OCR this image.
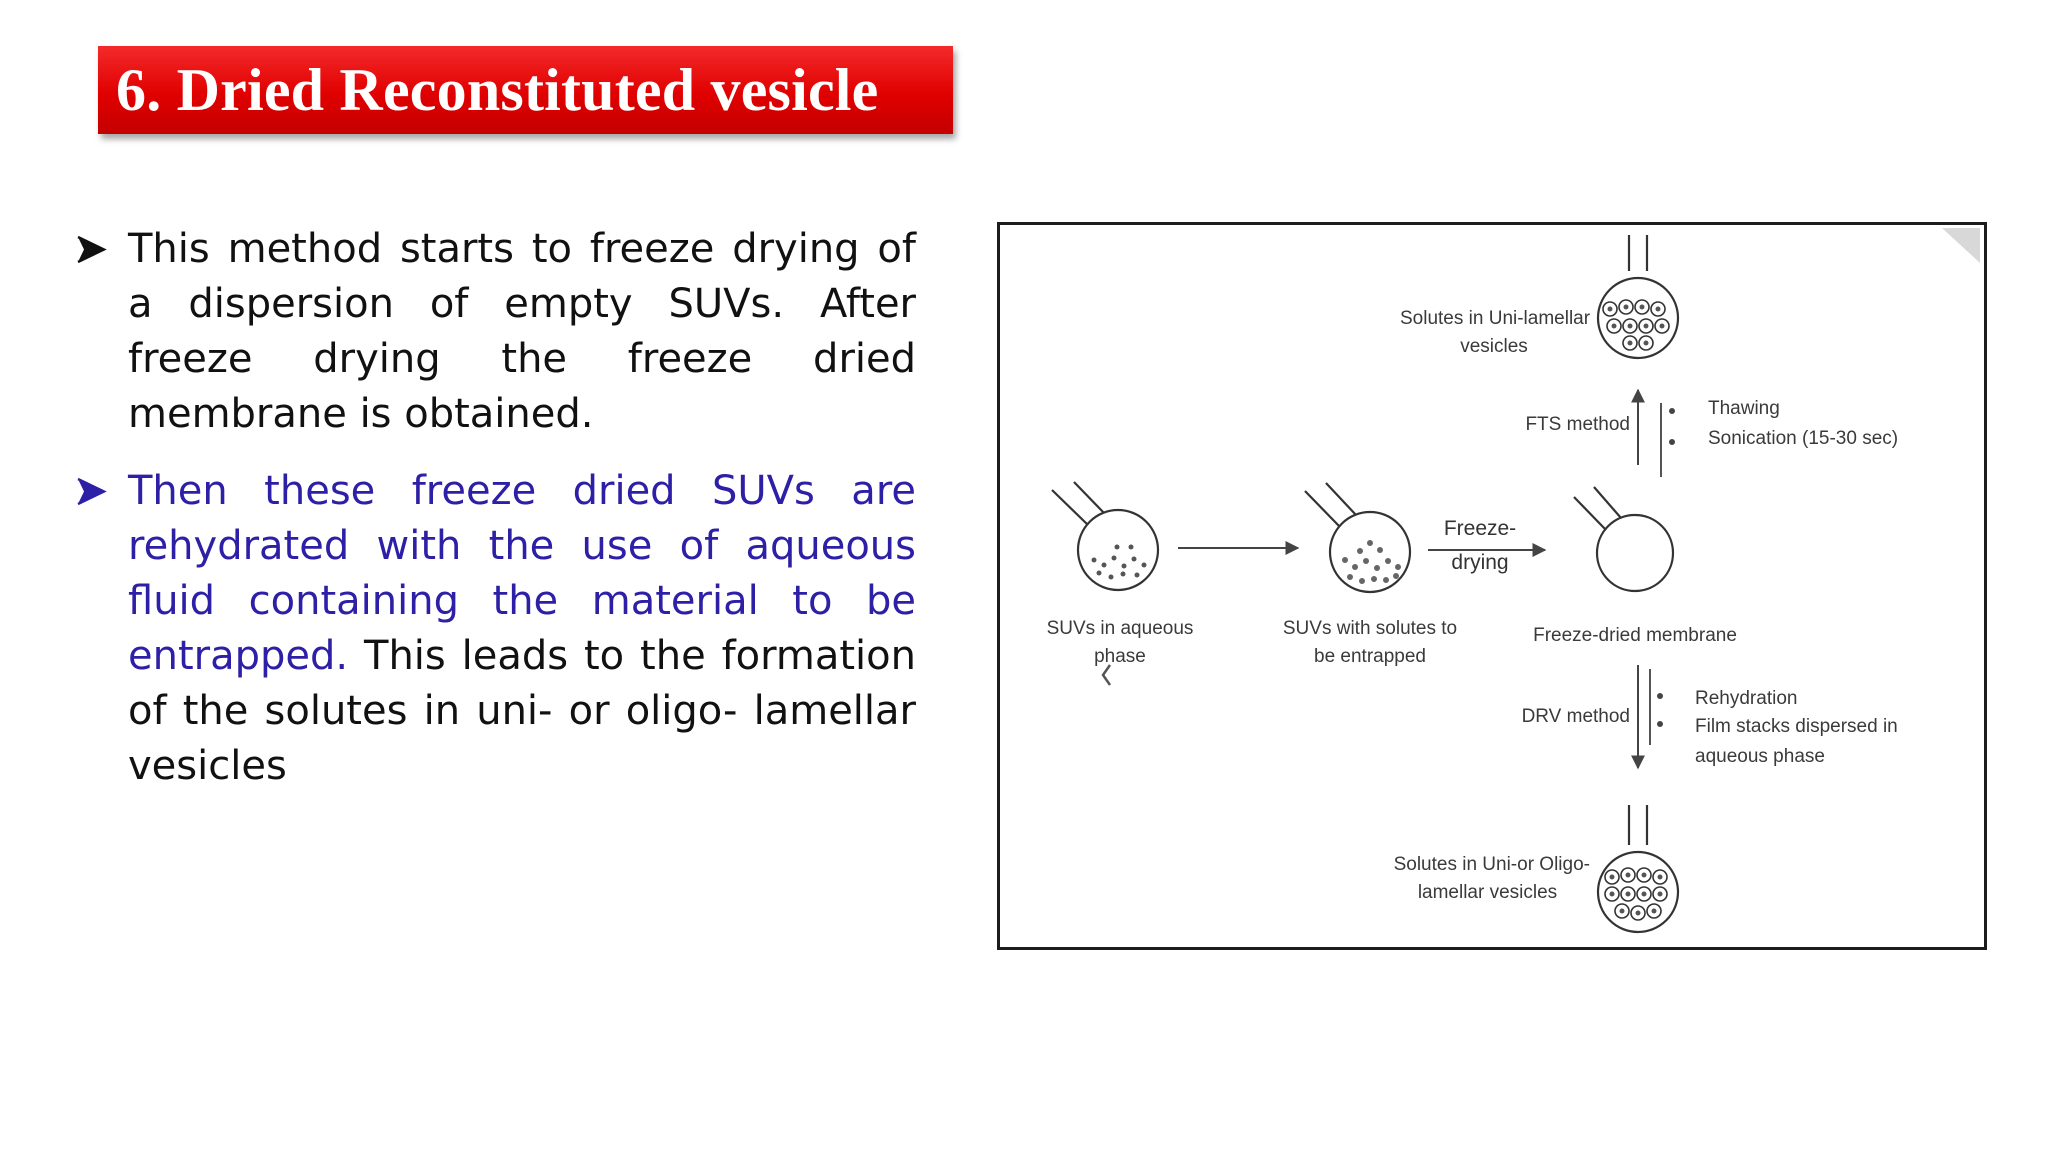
6. Dried Reconstituted vesicle
This method starts to freeze drying of a dispersion of empty SUVs. After freeze drying the freeze dried membrane is obtained.
Then these freeze dried SUVs are rehydrated with the use of aqueous fluid containing the material to be entrapped. This leads to the formation of the solutes in uni- or oligo- lamellar vesicles
SUVs in aqueous phase
SUVs with solutes to
be entrapped
Freeze-
drying
Freeze-dried membrane
Solutes in Uni-lamellar
vesicles
FTS method
Thawing
Sonication (15-30 sec)
DRV method
Rehydration
Film stacks dispersed in
aqueous phase
Solutes in Uni-or Oligo-
lamellar vesicles
